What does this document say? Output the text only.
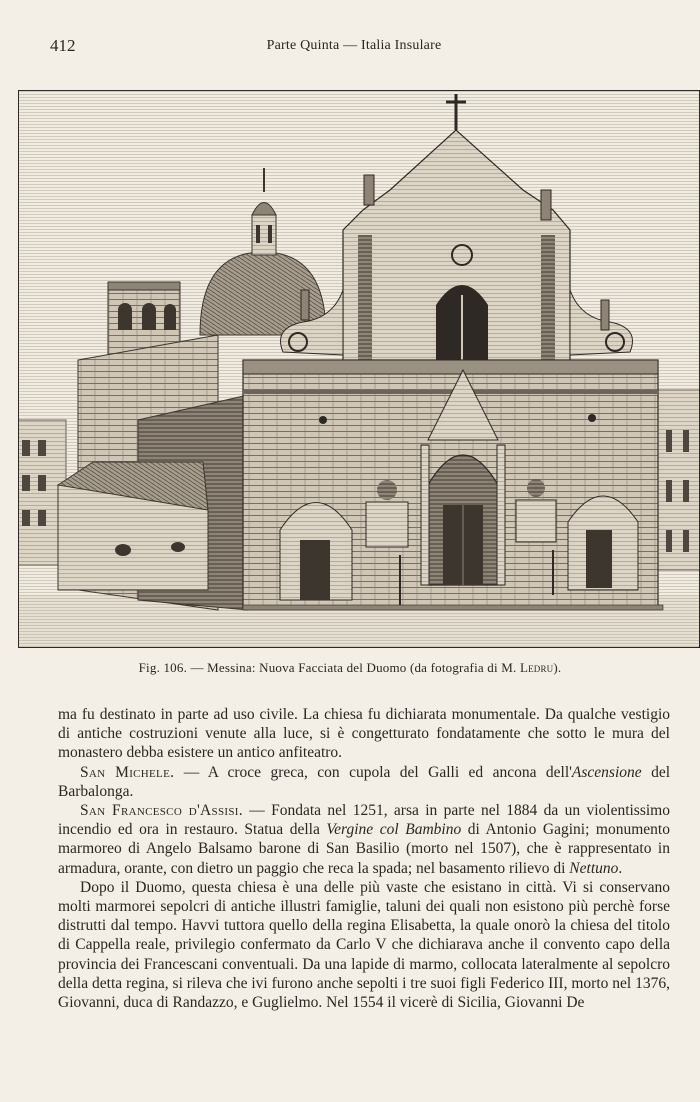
412	Parte Quinta — Italia Insulare
Fig. 106. — Messina: Nuova Facciata del Duomo (da fotografia di M. Ledru).

ma fu destinato in parte ad uso civile. La chiesa fu dichiarata monumentale. Da qualche vestigio di antiche costruzioni venute alla luce, si è congetturato fondatamente che sotto le mura del monastero debba esistere un antico anfiteatro.

San Michele. — A croce greca, con cupola del Galli ed ancona dell'Ascensione del Barbalonga.

San Francesco d'Assisi. — Fondata nel 1251, arsa in parte nel 1884 da un violentissimo incendio ed ora in restauro. Statua della Vergine col Bambino di Antonio Gagini; monumento marmoreo di Angelo Balsamo barone di San Basilio (morto nel 1507), che è rappresentato in armadura, orante, con dietro un paggio che reca la spada; nel basamento rilievo di Nettuno.

Dopo il Duomo, questa chiesa è una delle più vaste che esistano in città. Vi si conservano molti marmorei sepolcri di antiche illustri famiglie, taluni dei quali non esistono più perchè forse distrutti dal tempo. Havvi tuttora quello della regina Elisabetta, la quale onorò la chiesa del titolo di Cappella reale, privilegio confermato da Carlo V che dichiarava anche il convento capo della provincia dei Francescani conventuali. Da una lapide di marmo, collocata lateralmente al sepolcro della detta regina, si rileva che ivi furono anche sepolti i tre suoi figli Federico III, morto nel 1376, Giovanni, duca di Randazzo, e Guglielmo. Nel 1554 il vicerè di Sicilia, Giovanni De
